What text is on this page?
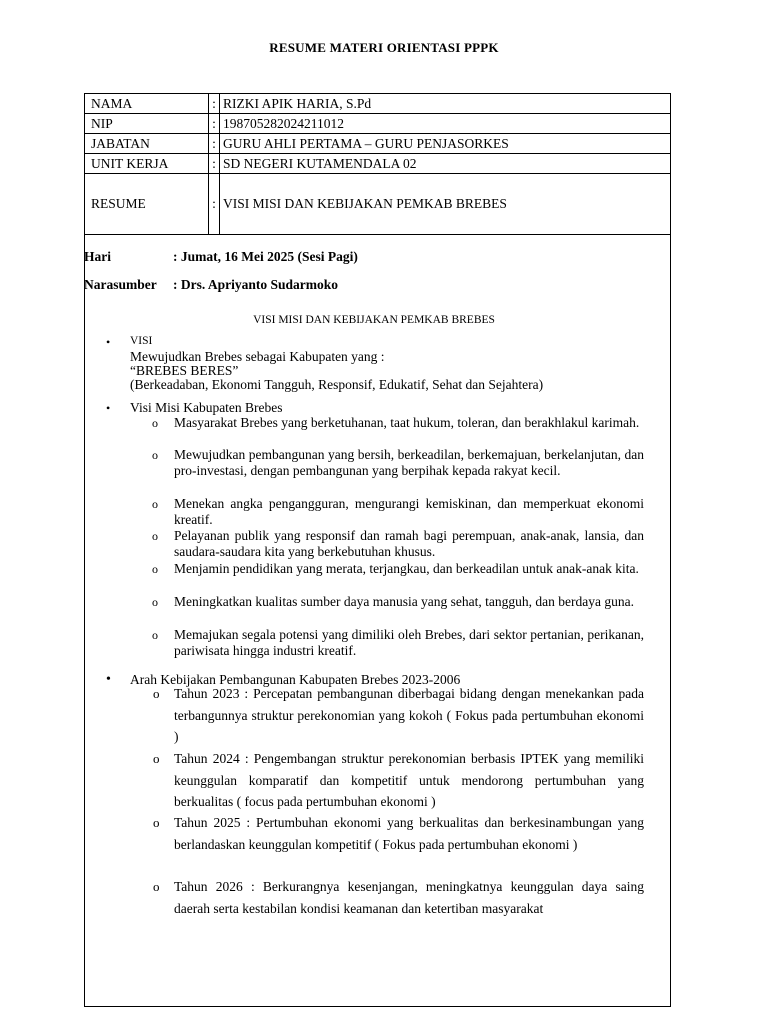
RESUME MATERI ORIENTASI PPPK
NAMA	:	RIZKI APIK HARIA, S.Pd
NIP	:	198705282024211012
JABATAN	:	GURU AHLI PERTAMA – GURU PENJASORKES
UNIT KERJA	:	SD NEGERI KUTAMENDALA 02
RESUME	:	VISI MISI DAN KEBIJAKAN PEMKAB BREBES
Hari	: Jumat, 16 Mei 2025 (Sesi Pagi)
Narasumber : Drs. Apriyanto Sudarmoko
VISI MISI DAN KEBIJAKAN PEMKAB BREBES
• VISI
Mewujudkan Brebes sebagai Kabupaten yang :
“BREBES BERES”
(Berkeadaban, Ekonomi Tangguh, Responsif, Edukatif, Sehat dan Sejahtera)
• Visi Misi Kabupaten Brebes
o Masyarakat Brebes yang berketuhanan, taat hukum, toleran, dan berakhlakul karimah.
o Mewujudkan pembangunan yang bersih, berkeadilan, berkemajuan, berkelanjutan, dan pro-investasi, dengan pembangunan yang berpihak kepada rakyat kecil.
o Menekan angka pengangguran, mengurangi kemiskinan, dan memperkuat ekonomi kreatif.
o Pelayanan publik yang responsif dan ramah bagi perempuan, anak-anak, lansia, dan saudara-saudara kita yang berkebutuhan khusus.
o Menjamin pendidikan yang merata, terjangkau, dan berkeadilan untuk anak-anak kita.
o Meningkatkan kualitas sumber daya manusia yang sehat, tangguh, dan berdaya guna.
o Memajukan segala potensi yang dimiliki oleh Brebes, dari sektor pertanian, perikanan, pariwisata hingga industri kreatif.
• Arah Kebijakan Pembangunan Kabupaten Brebes 2023-2006
o Tahun 2023 : Percepatan pembangunan diberbagai bidang dengan menekankan pada terbangunnya struktur perekonomian yang kokoh ( Fokus pada pertumbuhan ekonomi )
o Tahun 2024 : Pengembangan struktur perekonomian berbasis IPTEK yang memiliki keunggulan komparatif dan kompetitif untuk mendorong pertumbuhan yang berkualitas ( focus pada pertumbuhan ekonomi )
o Tahun 2025 : Pertumbuhan ekonomi yang berkualitas dan berkesinambungan yang berlandaskan keunggulan kompetitif ( Fokus pada pertumbuhan ekonomi )
o Tahun 2026 : Berkurangnya kesenjangan, meningkatnya keunggulan daya saing daerah serta kestabilan kondisi keamanan dan ketertiban masyarakat
